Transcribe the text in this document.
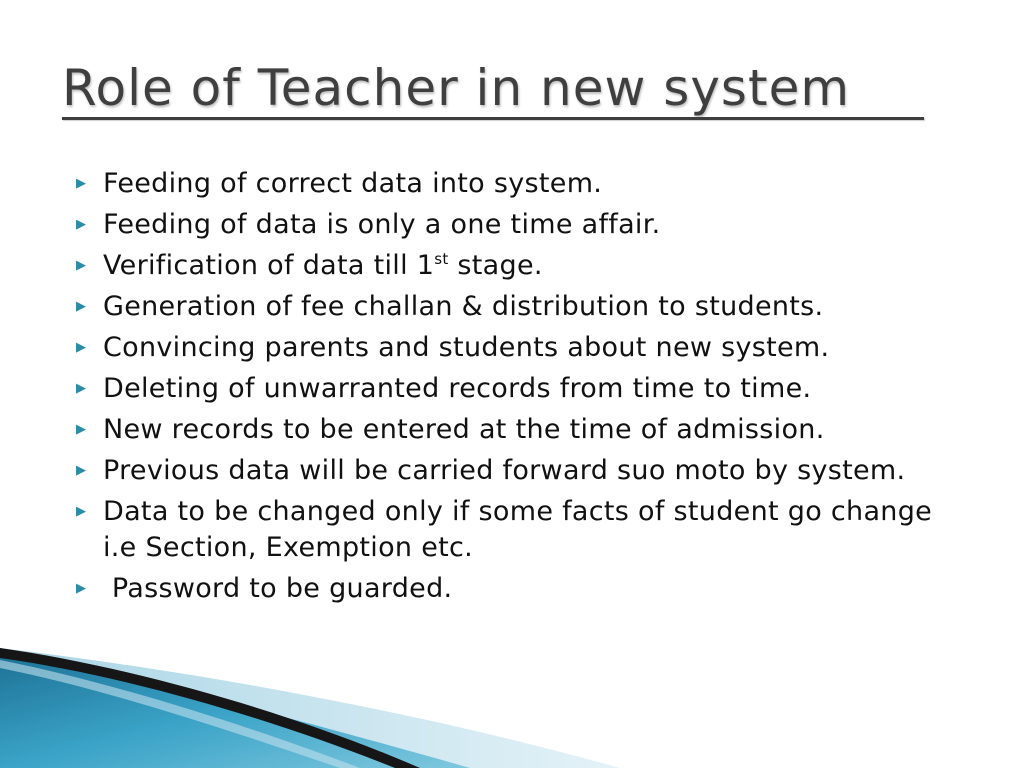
Role of Teacher in new system
▶ Feeding of correct data into system.
▶ Feeding of data is only a one time affair.
▶ Verification of data till 1st stage.
▶ Generation of fee challan & distribution to students.
▶ Convincing parents and students about new system.
▶ Deleting of unwarranted records from time to time.
▶ New records to be entered at the time of admission.
▶ Previous data will be carried forward suo moto by system.
▶ Data to be changed only if some facts of student go change i.e Section, Exemption etc.
▶ Password to be guarded.
